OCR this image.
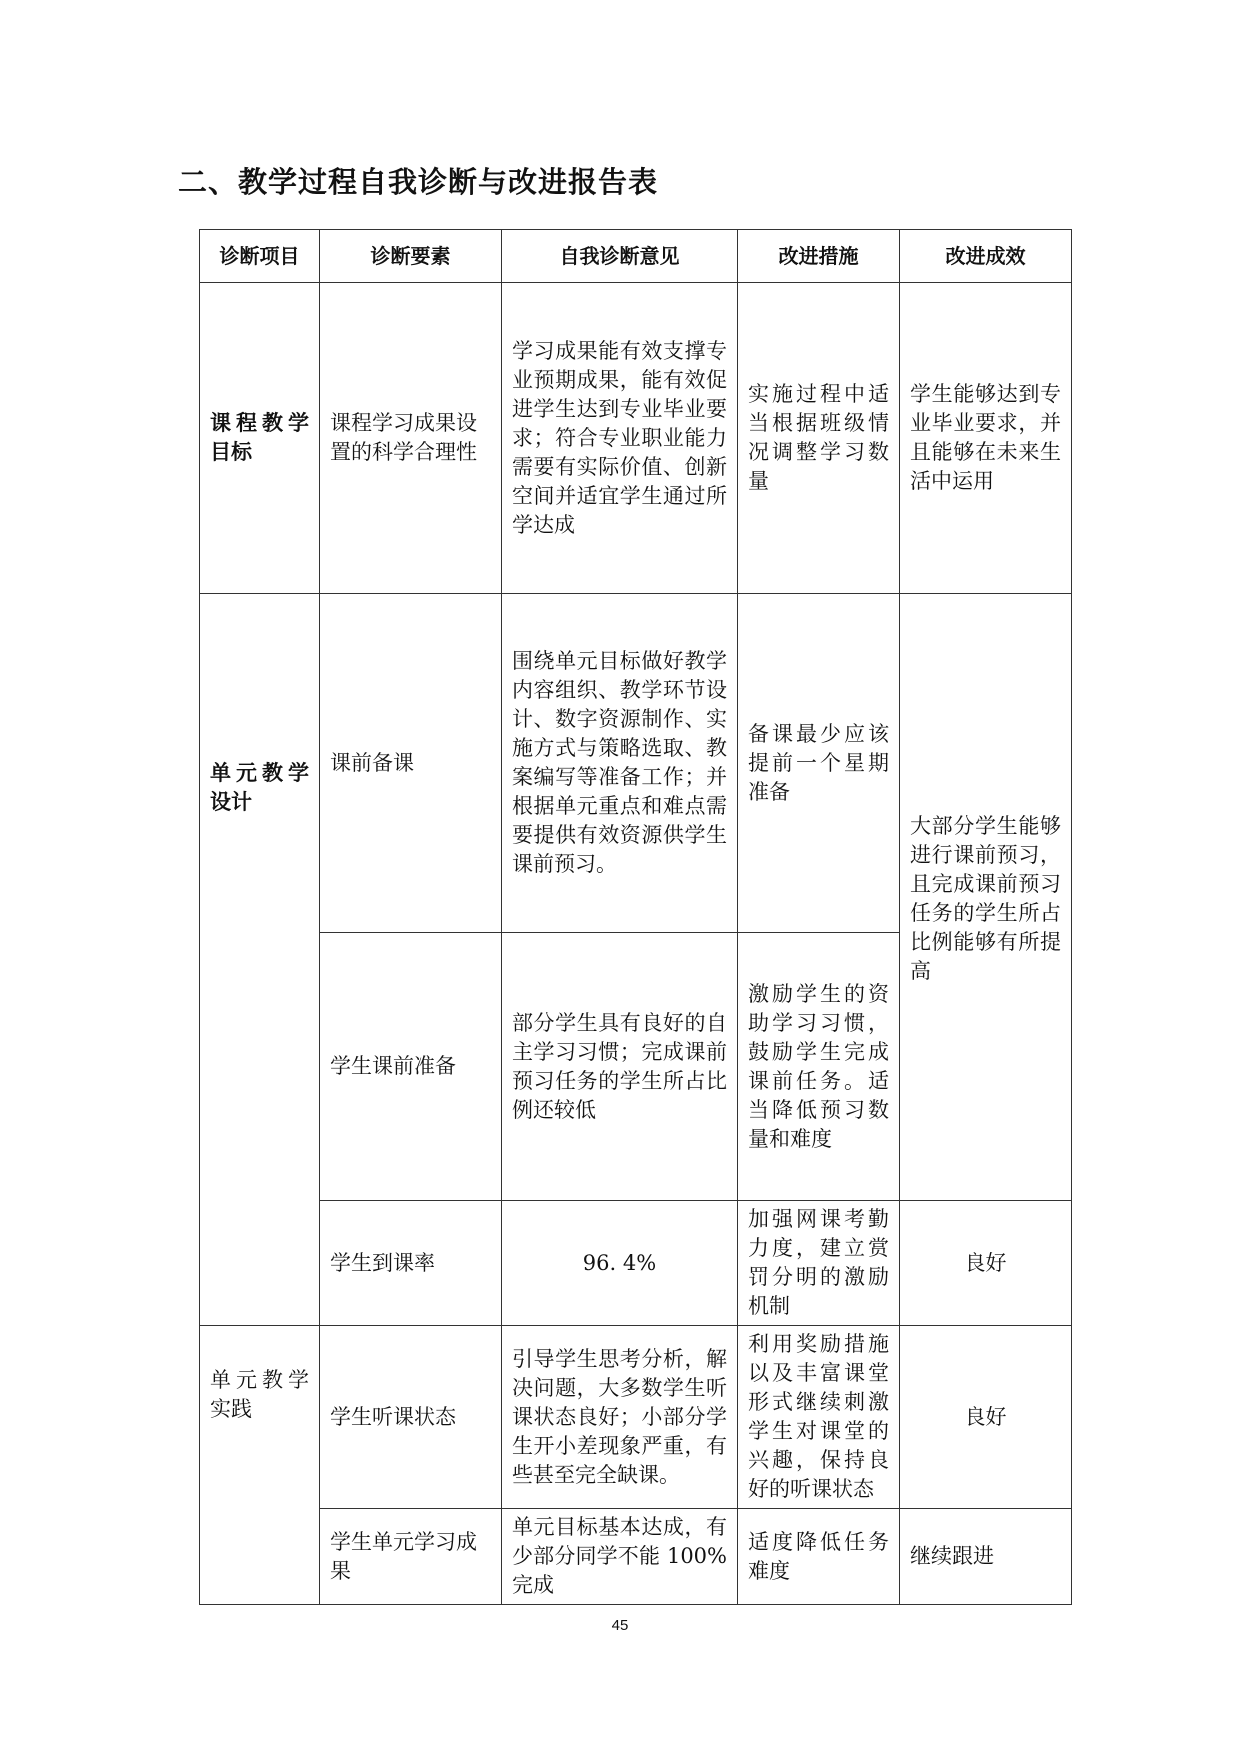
二、教学过程自我诊断与改进报告表
诊断项目	诊断要素	自我诊断意见	改进措施	改进成效
课程教学目标	课程学习成果设置的科学合理性	学习成果能有效支撑专业预期成果，能有效促进学生达到专业毕业要求；符合专业职业能力需要有实际价值、创新空间并适宜学生通过所学达成	实施过程中适当根据班级情况调整学习数量	学生能够达到专业毕业要求，并且能够在未来生活中运用
单元教学设计	课前备课	围绕单元目标做好教学内容组织、教学环节设计、数字资源制作、实施方式与策略选取、教案编写等准备工作；并根据单元重点和难点需要提供有效资源供学生课前预习。	备课最少应该提前一个星期准备	大部分学生能够进行课前预习，且完成课前预习任务的学生所占比例能够有所提高
	学生课前准备	部分学生具有良好的自主学习习惯；完成课前预习任务的学生所占比例还较低	激励学生的资助学习习惯，鼓励学生完成课前任务。适当降低预习数量和难度	
	学生到课率	96. 4%	加强网课考勤力度，建立赏罚分明的激励机制	良好
单元教学实践	学生听课状态	引导学生思考分析，解决问题，大多数学生听课状态良好；小部分学生开小差现象严重，有些甚至完全缺课。	利用奖励措施以及丰富课堂形式继续刺激学生对课堂的兴趣，保持良好的听课状态	良好
	学生单元学习成果	单元目标基本达成，有少部分同学不能 100% 完成	适度降低任务难度	继续跟进
45
